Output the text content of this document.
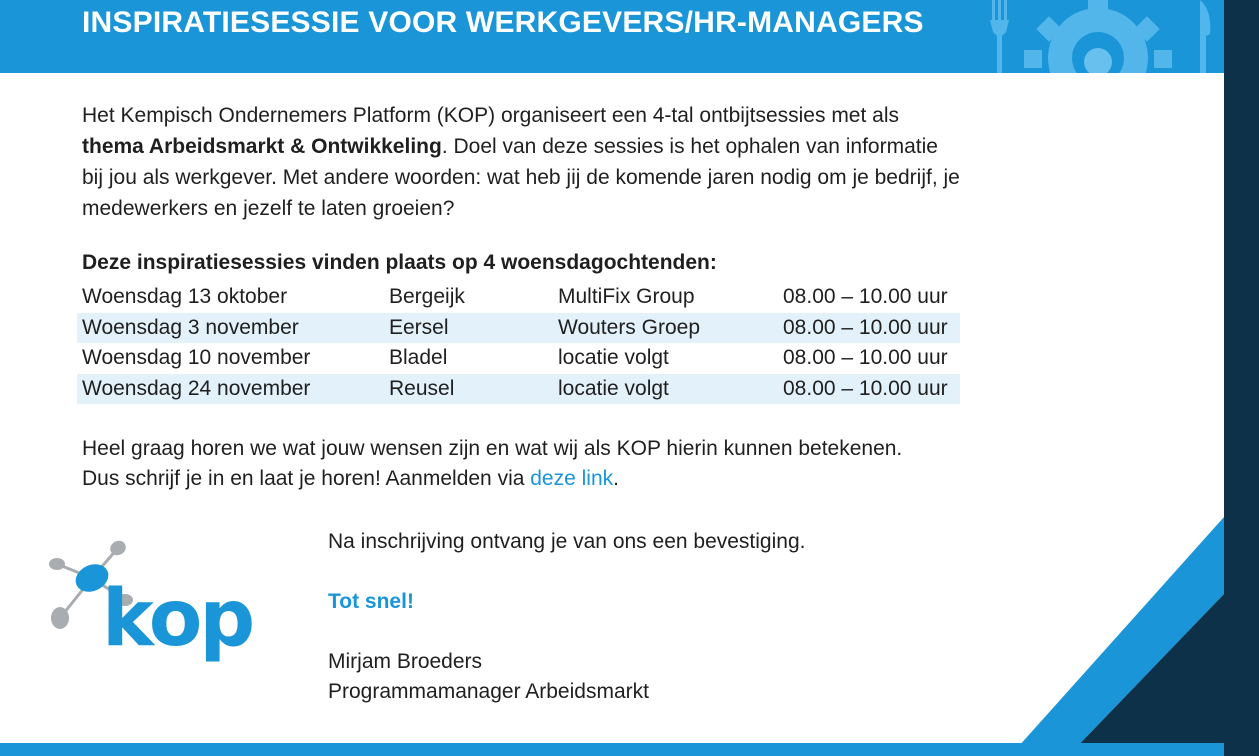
INSPIRATIESESSIE VOOR WERKGEVERS/HR-MANAGERS

Het Kempisch Ondernemers Platform (KOP) organiseert een 4-tal ontbijtsessies met als
thema Arbeidsmarkt & Ontwikkeling. Doel van deze sessies is het ophalen van informatie bij jou als werkgever. Met andere woorden: wat heb jij de komende jaren nodig om je bedrijf, je medewerkers en jezelf te laten groeien?

Deze inspiratiesessies vinden plaats op 4 woensdagochtenden:
Woensdag 13 oktober	Bergeijk	MultiFix Group	08.00 – 10.00 uur
Woensdag 3 november	Eersel	Wouters Groep	08.00 – 10.00 uur
Woensdag 10 november	Bladel	locatie volgt	08.00 – 10.00 uur
Woensdag 24 november	Reusel	locatie volgt	08.00 – 10.00 uur

Heel graag horen we wat jouw wensen zijn en wat wij als KOP hierin kunnen betekenen.

Dus schrijf je in en laat je horen! Aanmelden via deze link.

kop
Na inschrijving ontvang je van ons een bevestiging.
Tot snel!
Mirjam Broeders
Programmamanager Arbeidsmarkt
